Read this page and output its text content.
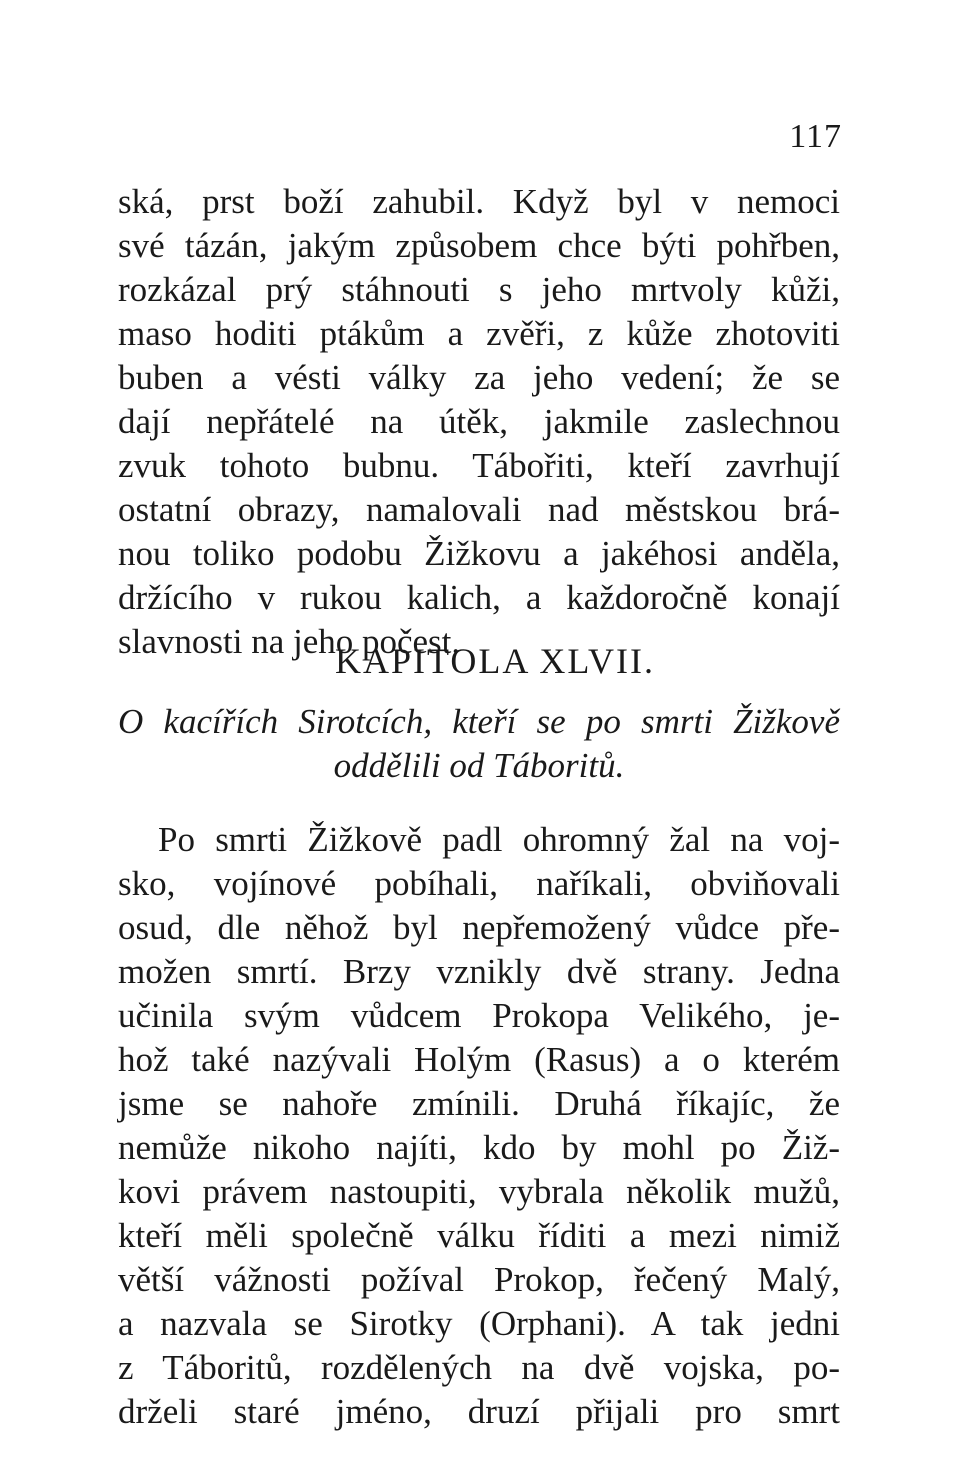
117
ská, prst boží zahubil. Když byl v nemoci
své tázán, jakým způsobem chce býti pohřben,
rozkázal prý stáhnouti s jeho mrtvoly kůži,
maso hoditi ptákům a zvěři, z kůže zhotoviti
buben a vésti války za jeho vedení; že se
dají nepřátelé na útěk, jakmile zaslechnou
zvuk tohoto bubnu. Tábořiti, kteří zavrhují
ostatní obrazy, namalovali nad městskou brá-
nou toliko podobu Žižkovu a jakéhosi anděla,
držícího v rukou kalich, a každoročně konají
slavnosti na jeho počest.
KAPITOLA XLVII.
O kacířích Sirotcích, kteří se po smrti Žižkově
oddělili od Táboritů.
Po smrti Žižkově padl ohromný žal na voj-
sko, vojínové pobíhali, naříkali, obviňovali
osud, dle něhož byl nepřemožený vůdce pře-
možen smrtí. Brzy vznikly dvě strany. Jedna
učinila svým vůdcem Prokopa Velikého, je-
hož také nazývali Holým (Rasus) a o kterém
jsme se nahoře zmínili. Druhá říkajíc, že
nemůže nikoho najíti, kdo by mohl po Žiž-
kovi právem nastoupiti, vybrala několik mužů,
kteří měli společně válku říditi a mezi nimiž
větší vážnosti požíval Prokop, řečený Malý,
a nazvala se Sirotky (Orphani). A tak jedni
z Táboritů, rozdělených na dvě vojska, po-
drželi staré jméno, druzí přijali pro smrt
